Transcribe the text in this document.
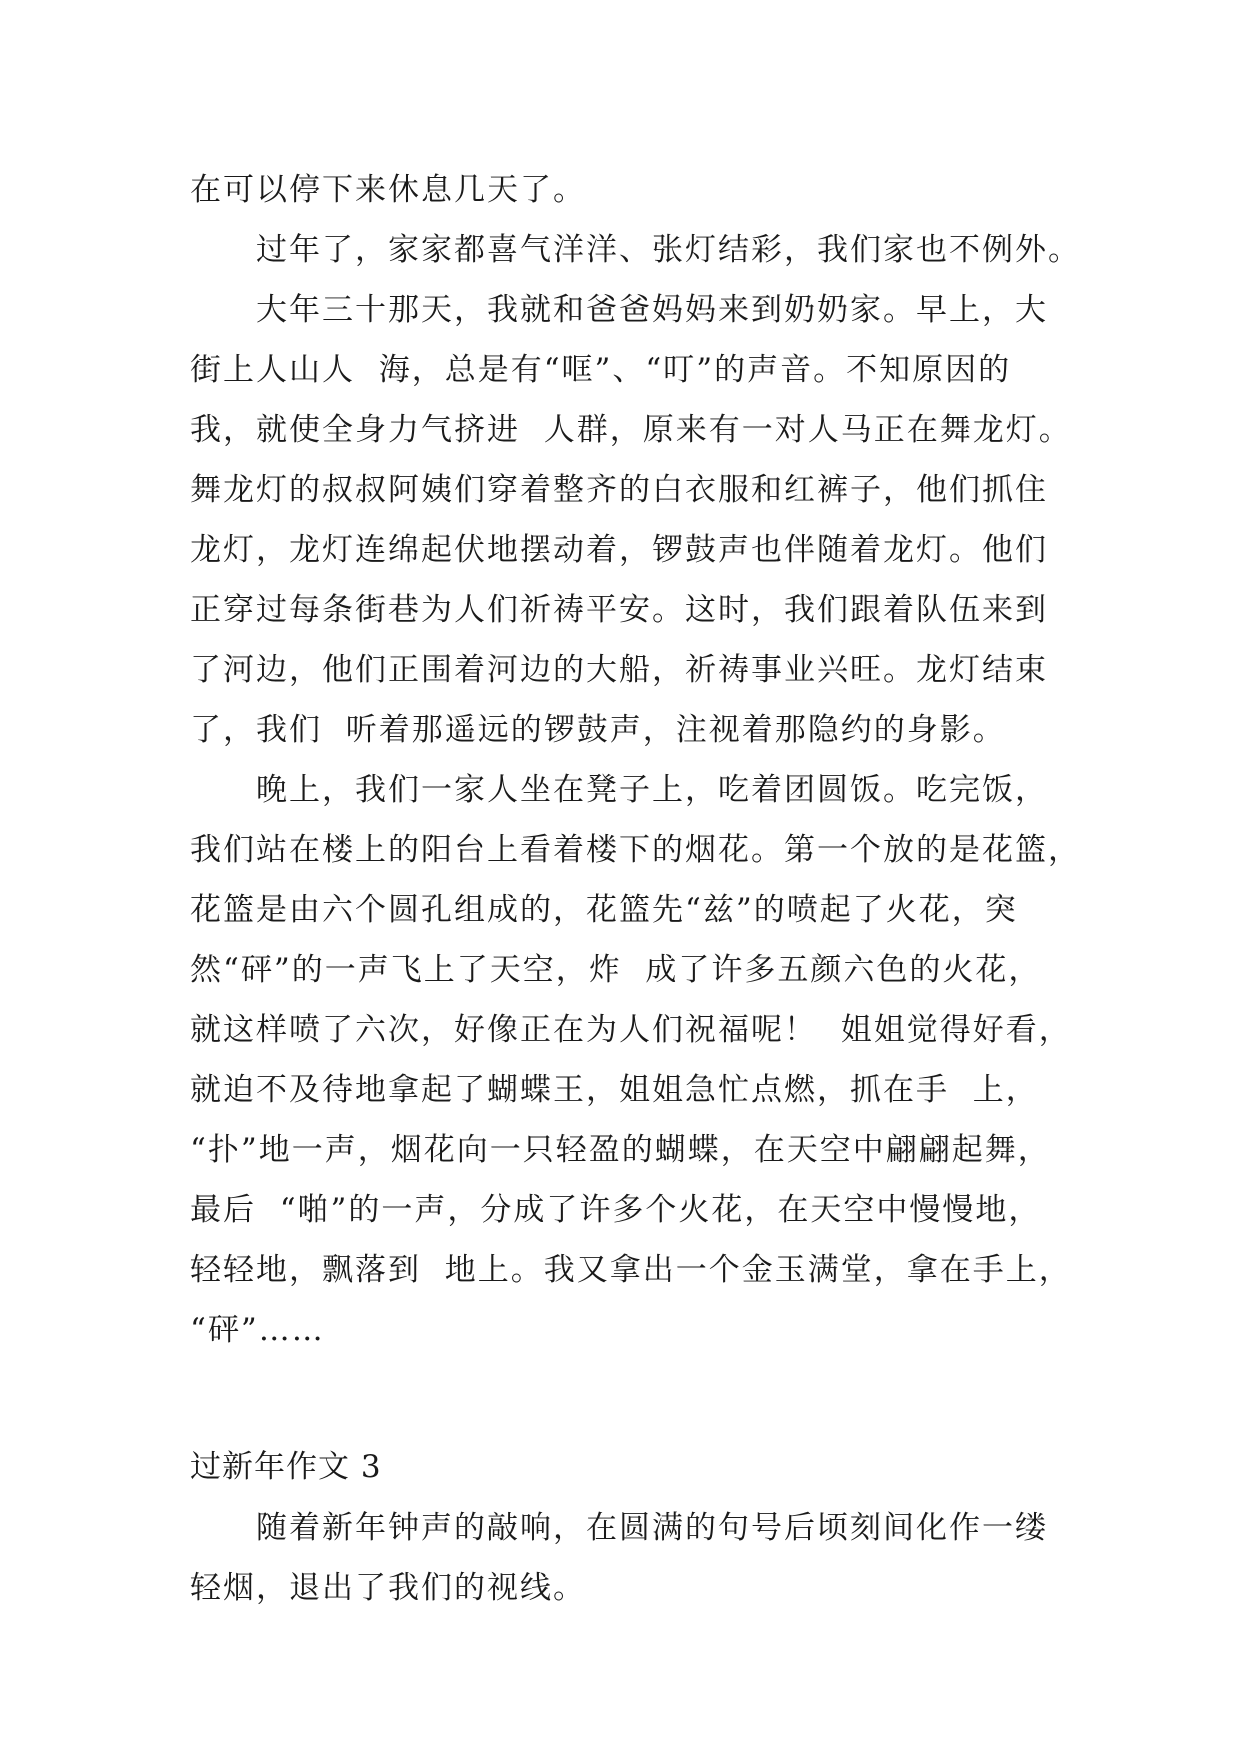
在可以停下来休息几天了。

过年了，家家都喜气洋洋、张灯结彩，我们家也不例外。

大年三十那天，我就和爸爸妈妈来到奶奶家。早上，大

街上人山人  海，总是有“哐”、“叮”的声音。不知原因的

我，就使全身力气挤进  人群，原来有一对人马正在舞龙灯。

舞龙灯的叔叔阿姨们穿着整齐的白衣服和红裤子，他们抓住

龙灯，龙灯连绵起伏地摆动着，锣鼓声也伴随着龙灯。他们

正穿过每条街巷为人们祈祷平安。这时，我们跟着队伍来到

了河边，他们正围着河边的大船，祈祷事业兴旺。龙灯结束

了，我们  听着那遥远的锣鼓声，注视着那隐约的身影。

晚上，我们一家人坐在凳子上，吃着团圆饭。吃完饭，

我们站在楼上的阳台上看着楼下的烟花。第一个放的是花篮，

花篮是由六个圆孔组成的，花篮先“兹”的喷起了火花，突

然“砰”的一声飞上了天空，炸  成了许多五颜六色的火花，

就这样喷了六次，好像正在为人们祝福呢！  姐姐觉得好看，

就迫不及待地拿起了蝴蝶王，姐姐急忙点燃，抓在手  上，

“扑”地一声，烟花向一只轻盈的蝴蝶，在天空中翩翩起舞，

最后  “啪”的一声，分成了许多个火花，在天空中慢慢地，

轻轻地，飘落到  地上。我又拿出一个金玉满堂，拿在手上，

“砰”……

过新年作文 3

随着新年钟声的敲响，在圆满的句号后顷刻间化作一缕

轻烟，退出了我们的视线。
